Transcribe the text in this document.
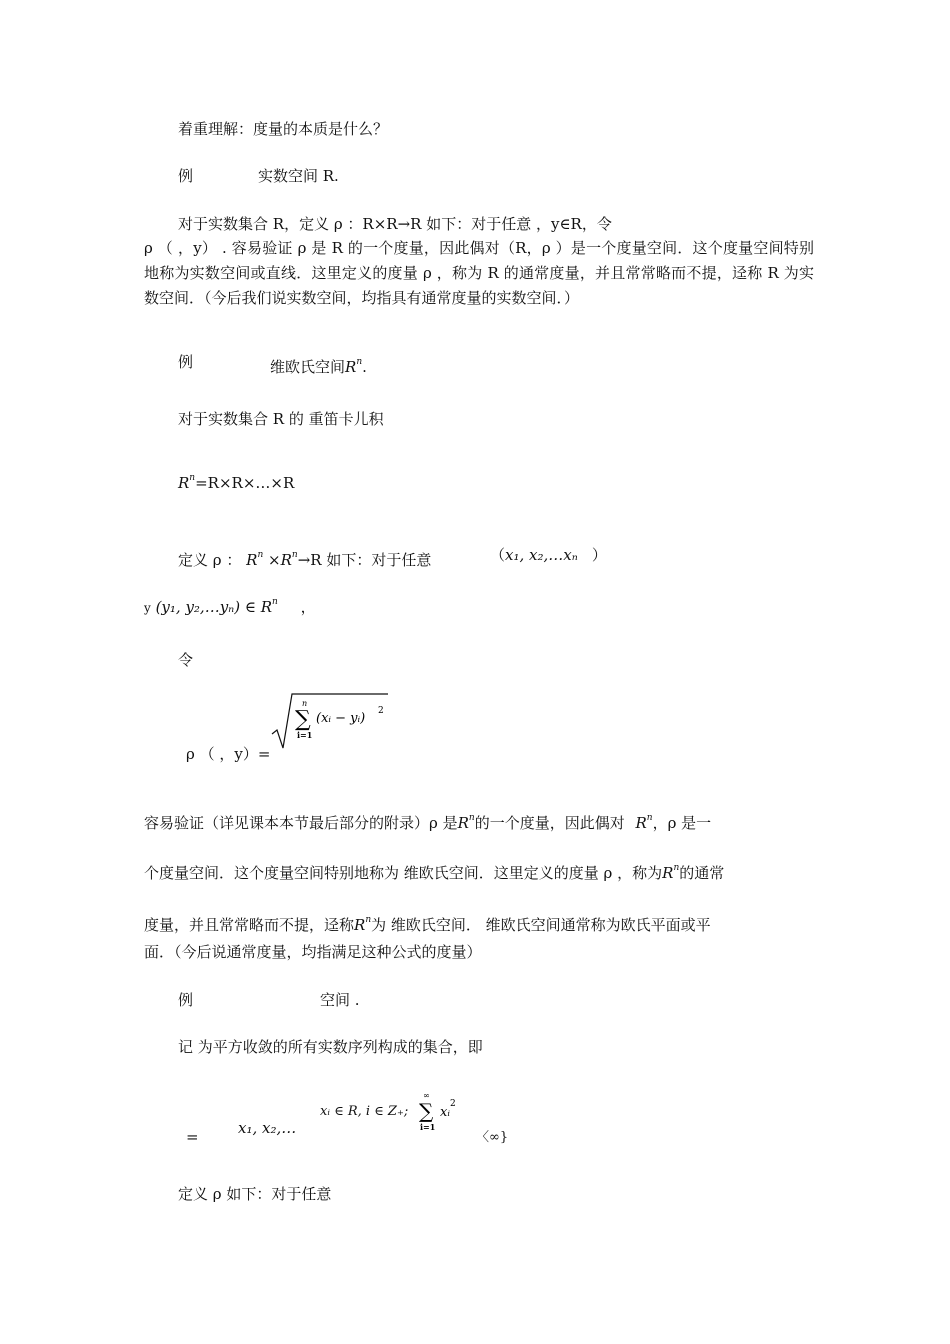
着重理解：度量的本质是什么？
例	实数空间 R.
对于实数集合 R，定义 ρ ：R×R→R 如下：对于任意 ，y∈R，令
ρ （ ，y） . 容易验证 ρ 是 R 的一个度量，因此偶对（R，ρ ）是一个度量空间．这个度量空间特别地称为实数空间或直线．这里定义的度量 ρ ，称为 R 的通常度量，并且常常略而不提，迳称 R 为实数空间．（今后我们说实数空间，均指具有通常度量的实数空间．）
例	维欧氏空间$R^n$.
对于实数集合 R 的 重笛卡儿积
$R^n=R\times R\times\dots\times R$
定义 ρ ： $R^n \times R^n\to R$ 如下：对于任意	（x₁, x₂,…xₙ ）
y (y₁, y₂,…yₙ) ∈ $R^n$ ，
令
ρ （ ，y）=
n
∑
i=1
(xᵢ − yᵢ) 2
容易验证（详见课本本节最后部分的附录）ρ 是$R^n$的一个度量，因此偶对 $R^n$，ρ 是一
个度量空间．这个度量空间特别地称为 维欧氏空间．这里定义的度量 ρ ，称为$R^n$的通常
度量，并且常常略而不提，迳称$R^n$为 维欧氏空间． 维欧氏空间通常称为欧氏平面或平
面．（今后说通常度量，均指满足这种公式的度量）
例	空间 .
记 为平方收敛的所有实数序列构成的集合，即
=	x₁, x₂,…
xᵢ ∈ R, i ∈ Z₊;
∞
∑
i=1
xᵢ
2
〈∞}
定义 ρ 如下：对于任意
